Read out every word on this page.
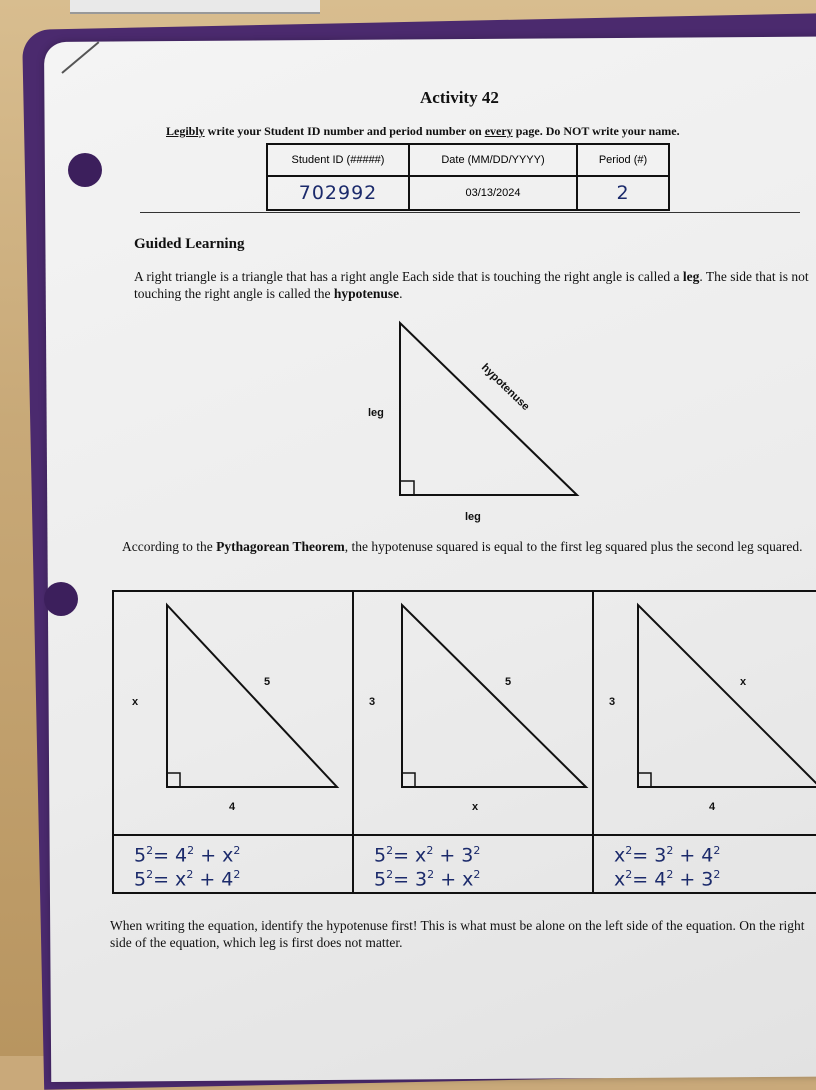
Activity 42
Legibly write your Student ID number and period number on every page. Do NOT write your name.
Student ID (#####)	Date (MM/DD/YYYY)	Period (#)
702992	03/13/2024	2
Guided Learning
A right triangle is a triangle that has a right angle Each side that is touching the right angle is called a leg. The side that is not touching the right angle is called the hypotenuse.
leg
leg
hypotenuse
According to the Pythagorean Theorem, the hypotenuse squared is equal to the first leg squared plus the second leg squared.
x
4
5
3
x
5
3
4
x
$5^2= 4^2 + x^2$
$5^2= x^2 + 4^2$
$5^2= x^2 + 3^2$
$5^2= 3^2 + x^2$
$x^2= 3^2 + 4^2$
$x^2= 4^2 + 3^2$
When writing the equation, identify the hypotenuse first! This is what must be alone on the left side of the equation. On the right side of the equation, which leg is first does not matter.
